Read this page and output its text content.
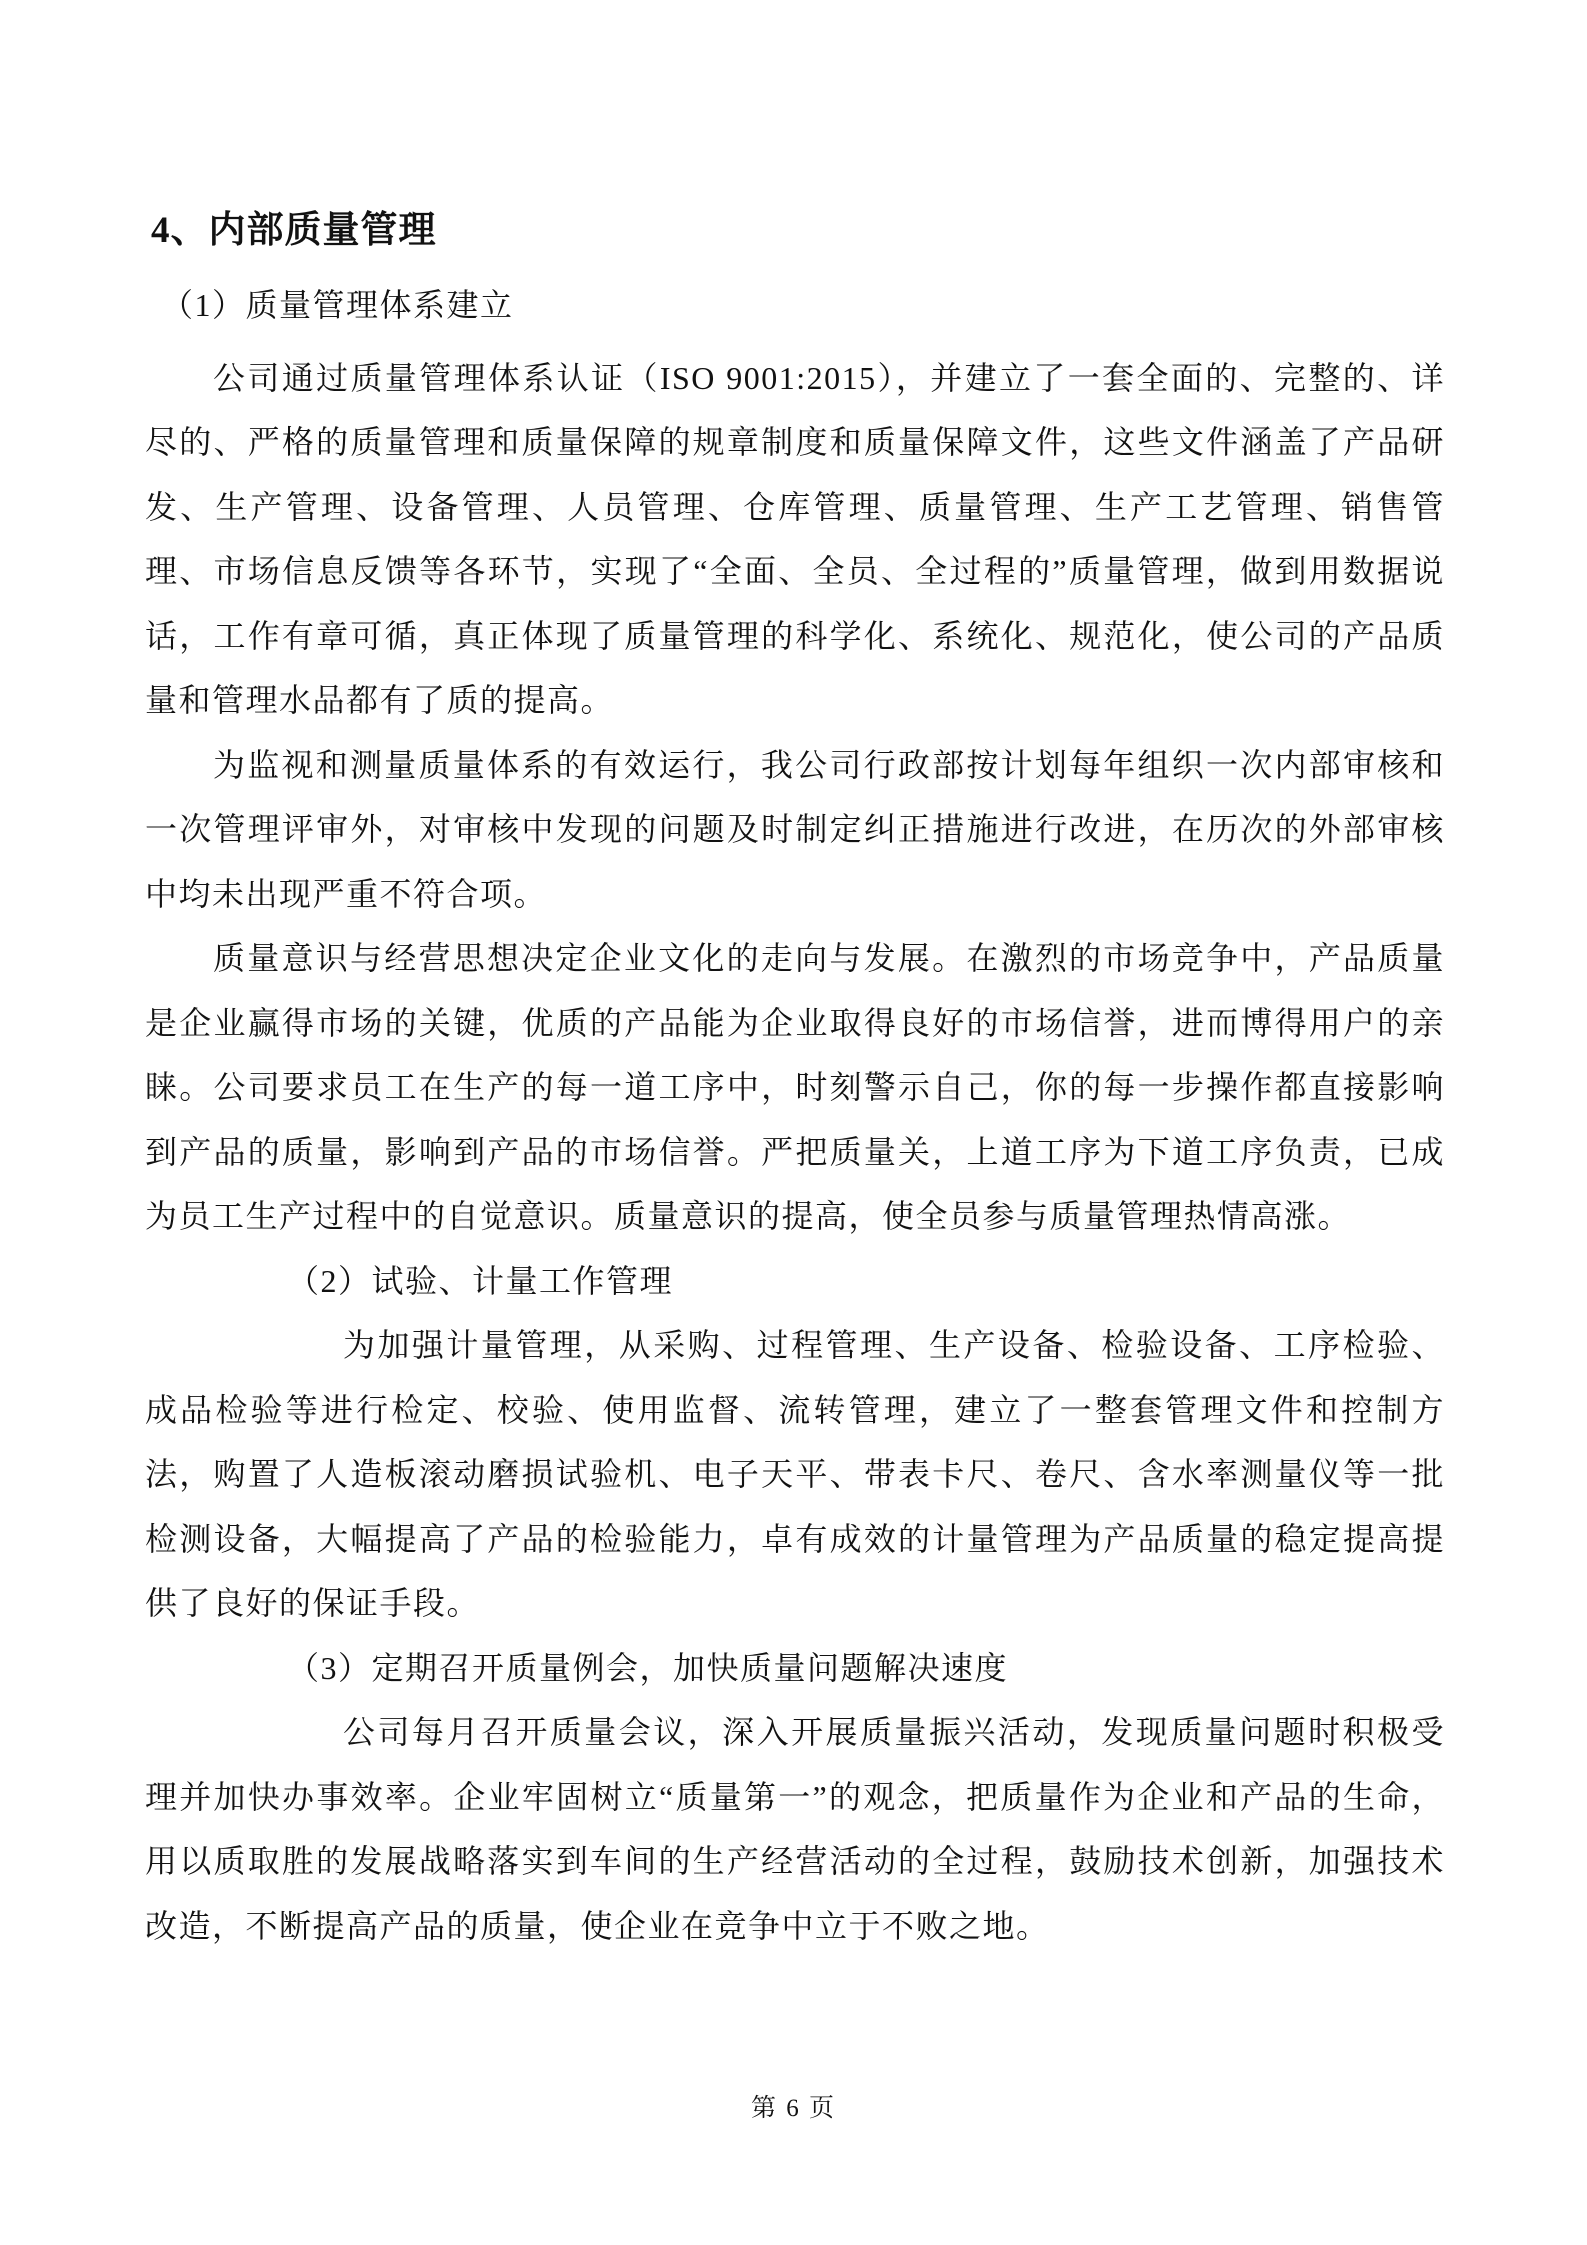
4、内部质量管理

（1）质量管理体系建立

公司通过质量管理体系认证（ISO 9001:2015），并建立了一套全面的、完整的、详尽的、严格的质量管理和质量保障的规章制度和质量保障文件，这些文件涵盖了产品研发、生产管理、设备管理、人员管理、仓库管理、质量管理、生产工艺管理、销售管理、市场信息反馈等各环节，实现了“全面、全员、全过程的”质量管理，做到用数据说话，工作有章可循，真正体现了质量管理的科学化、系统化、规范化，使公司的产品质量和管理水品都有了质的提高。

为监视和测量质量体系的有效运行，我公司行政部按计划每年组织一次内部审核和一次管理评审外，对审核中发现的问题及时制定纠正措施进行改进，在历次的外部审核中均未出现严重不符合项。

质量意识与经营思想决定企业文化的走向与发展。在激烈的市场竞争中，产品质量是企业赢得市场的关键，优质的产品能为企业取得良好的市场信誉，进而博得用户的亲睐。公司要求员工在生产的每一道工序中，时刻警示自己，你的每一步操作都直接影响到产品的质量，影响到产品的市场信誉。严把质量关，上道工序为下道工序负责，已成为员工生产过程中的自觉意识。质量意识的提高，使全员参与质量管理热情高涨。

（2）试验、计量工作管理

为加强计量管理，从采购、过程管理、生产设备、检验设备、工序检验、成品检验等进行检定、校验、使用监督、流转管理，建立了一整套管理文件和控制方法，购置了人造板滚动磨损试验机、电子天平、带表卡尺、卷尺、含水率测量仪等一批检测设备，大幅提高了产品的检验能力，卓有成效的计量管理为产品质量的稳定提高提供了良好的保证手段。

（3）定期召开质量例会，加快质量问题解决速度

公司每月召开质量会议，深入开展质量振兴活动，发现质量问题时积极受理并加快办事效率。企业牢固树立“质量第一”的观念，把质量作为企业和产品的生命，用以质取胜的发展战略落实到车间的生产经营活动的全过程，鼓励技术创新，加强技术改造，不断提高产品的质量，使企业在竞争中立于不败之地。

第 6 页
